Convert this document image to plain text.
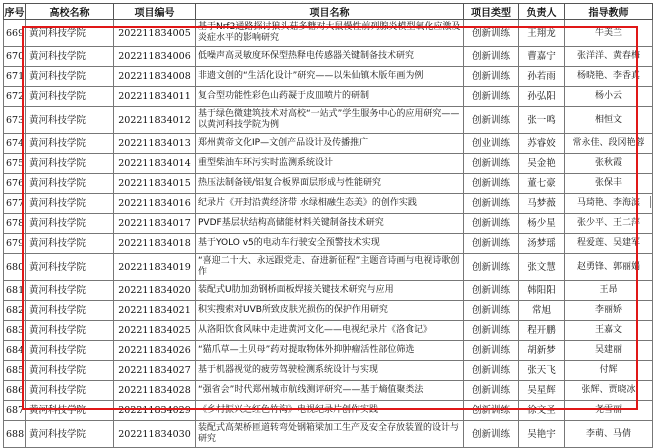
序号	高校名称	项目编号	项目名称	项目类型	负责人	指导教师
669	黄河科技学院	202211834005	基于Nrf2通路探讨狼头菇多糖对大鼠慢性前列腺炎模型氧化应激及炎症水平的影响研究	创新训练	王翔龙	牛美兰
670	黄河科技学院	202211834006	低噪声高灵敏度环保型热释电传感器关键制备技术研究	创新训练	曹嘉宁	张洋洋、黄春梅
671	黄河科技学院	202211834008	非遗文创的“生活化设计”研究——以朱仙镇木版年画为例	创新训练	孙若雨	杨晓艳、李香真
672	黄河科技学院	202211834011	复合型功能性彩色山药凝于皮皿喷片的研制	创新训练	孙弘阳	杨小云
673	黄河科技学院	202211834012	基于绿色微建筑技术对高校“一站式”学生服务中心的应用研究——以黄河科技学院为例	创新训练	张一鸣	相恒文
674	黄河科技学院	202211834013	郑州黄帝文化IP—文创产品设计及传播推广	创业训练	苏睿姣	常永佳、段冈艳蓉
675	黄河科技学院	202211834014	重型柴油车环污实时监测系统设计	创新训练	吴金艳	张秋霞
676	黄河科技学院	202211834015	热压法制备镁/铝复合板界面层形成与性能研究	创新训练	董七豪	张保丰
677	黄河科技学院	202211834016	纪录片《开封沿黄经济带 水绿相融生态美》的创作实践	创新训练	马梦薇	马琦艳、李海滨
678	黄河科技学院	202211834017	PVDF基层状结构高储能材料关键制备技术研究	创新训练	杨少星	张少平、王二萍
679	黄河科技学院	202211834018	基于YOLO v5的电动车行驶安全预警技术实现	创新训练	汤梦瑶	程爱莲、吴建军
680	黄河科技学院	202211834019	“喜迎二十大、永远跟党走、奋进新征程”主题音诗画与电视诗歌创作	创新训练	张文慧	赵勇锋、郭丽娟
681	黄河科技学院	202211834020	装配式U肋加劲钢桥面板焊接关键技术研究与应用	创新训练	韩阳阳	王昂
682	黄河科技学院	202211834021	积实搜索对UVB所致皮肤光损伤的保护作用研究	创新训练	常旭	李丽娇
683	黄河科技学院	202211834025	从洛阳饮食风味中走进黄河文化——电视纪录片《洛食记》	创新训练	程开鹏	王嘉文
684	黄河科技学院	202211834026	“猫爪草—土贝母”药对提取物体外抑肿瘤活性部位筛选	创新训练	胡新梦	吴建丽
685	黄河科技学院	202211834027	基于机器视觉的疲劳驾驶检测系统设计与实现	创新训练	张天飞	付辉
686	黄河科技学院	202211834028	“强省会”时代郑州城市航线测评研究——基于熵值聚类法	创新训练	吴星辉	张辉、贾晓冰
687	黄河科技学院	202211834029	《乡村振兴之红色竹沟》电视纪录片创作实践	创新训练	徐文圣	尧雪丽
688	黄河科技学院	202211834030	装配式高架桥匝道转弯处钢箱梁加工生产及安全存放装置的设计与研究	创新训练	吴艳宇	李萌、马倩
